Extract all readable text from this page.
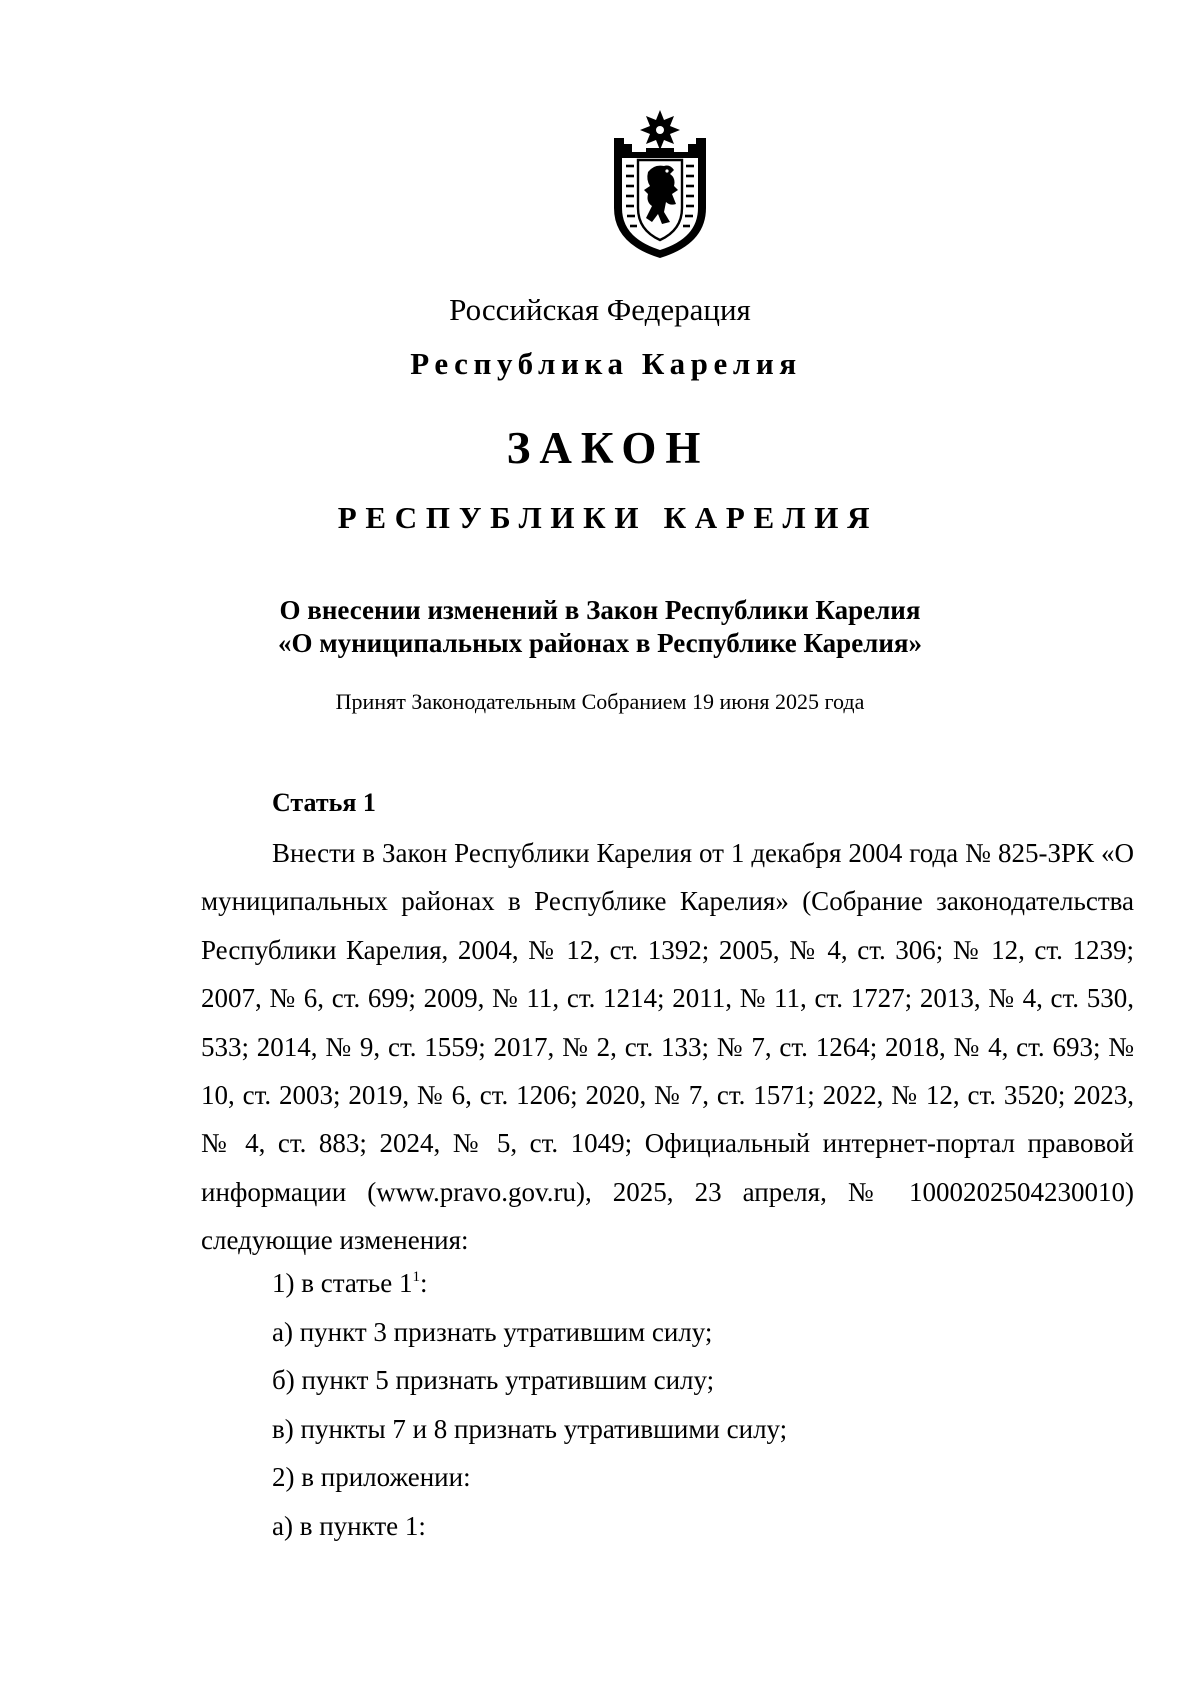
Российская Федерация
Республика Карелия
ЗАКОН
РЕСПУБЛИКИ КАРЕЛИЯ
О внесении изменений в Закон Республики Карелия
«О муниципальных районах в Республике Карелия»
Принят Законодательным Собранием 19 июня 2025 года
Статья 1

Внести в Закон Республики Карелия от 1 декабря 2004 года № 825-ЗРК «О муниципальных районах в Республике Карелия» (Собрание законодательства Республики Карелия, 2004, № 12, ст. 1392; 2005, № 4, ст. 306; № 12, ст. 1239; 2007, № 6, ст. 699; 2009, № 11, ст. 1214; 2011, № 11, ст. 1727; 2013, № 4, ст. 530, 533; 2014, № 9, ст. 1559; 2017, № 2, ст. 133; № 7, ст. 1264; 2018, № 4, ст. 693; № 10, ст. 2003; 2019, № 6, ст. 1206; 2020, № 7, ст. 1571; 2022, № 12, ст. 3520; 2023, № 4, ст. 883; 2024, № 5, ст. 1049; Официальный интернет-портал правовой информации (www.pravo.gov.ru), 2025, 23 апреля, № 1000202504230010) следующие изменения:

1) в статье $1^1$:
а) пункт 3 признать утратившим силу;
б) пункт 5 признать утратившим силу;
в) пункты 7 и 8 признать утратившими силу;
2) в приложении:
а) в пункте 1:
